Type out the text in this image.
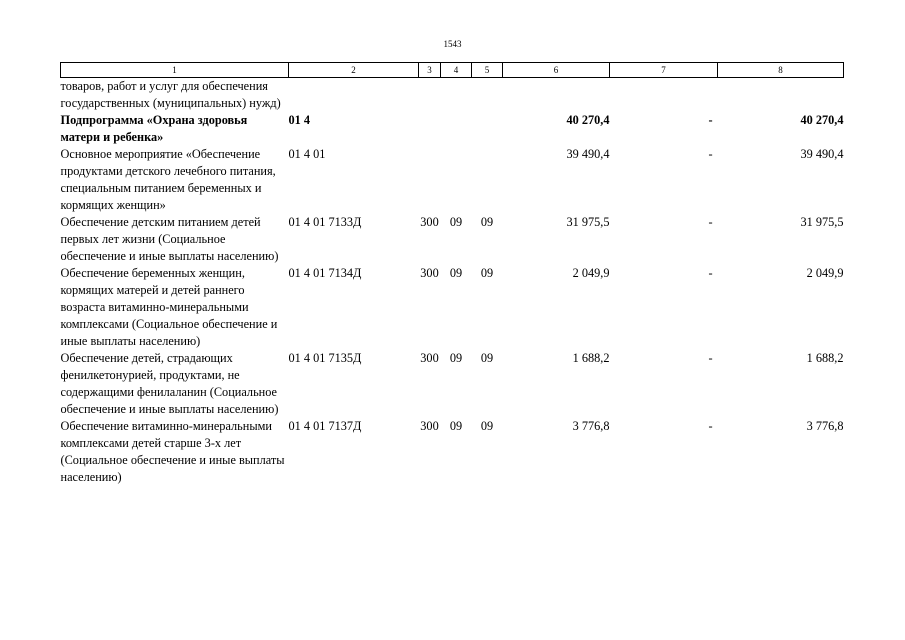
1543
1	2	3	4	5	6	7	8
товаров, работ и услуг для обеспечения государственных (муниципальных) нужд)							
Подпрограмма «Охрана здоровья матери и ребенка»	01 4				40 270,4	-	40 270,4
Основное мероприятие «Обеспечение продуктами детского лечебного питания, специальным питанием беременных и кормящих женщин»	01 4 01				39 490,4	-	39 490,4
Обеспечение детским питанием детей первых лет жизни (Социальное обеспечение и иные выплаты населению)	01 4 01 7133Д	300	09	09	31 975,5	-	31 975,5
Обеспечение беременных женщин, кормящих матерей и детей раннего возраста витаминно-минеральными комплексами (Социальное обеспечение и иные выплаты населению)	01 4 01 7134Д	300	09	09	2 049,9	-	2 049,9
Обеспечение детей, страдающих фенилкетонурией, продуктами, не содержащими фенилаланин (Социальное обеспечение и иные выплаты населению)	01 4 01 7135Д	300	09	09	1 688,2	-	1 688,2
Обеспечение витаминно-минеральными комплексами детей старше 3-х лет (Социальное обеспечение и иные выплаты населению)	01 4 01 7137Д	300	09	09	3 776,8	-	3 776,8
